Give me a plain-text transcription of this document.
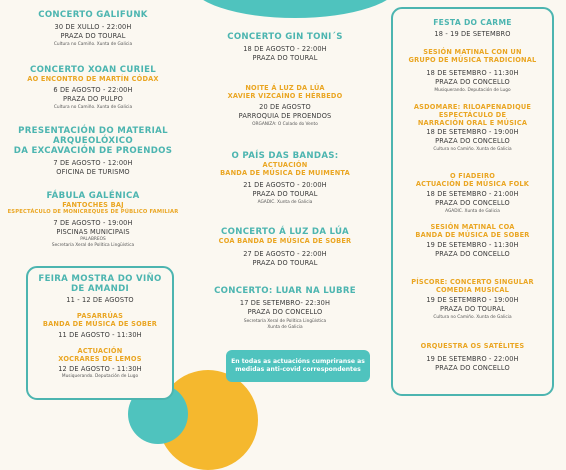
CONCERTO GALIFUNK
30 DE XULLO - 22:00H
PRAZA DO TOURAL
Cultura no Camiño. Xunta de Galicia
CONCERTO XOAN CURIEL
AO ENCONTRO DE MARTÍN CÓDAX
6 DE AGOSTO - 22:00H
PRAZA DO PULPO
Cultura no Camiño. Xunta de Galicia
PRESENTACIÓN DO MATERIAL
ARQUEOLÓXICO
DA EXCAVACIÓN DE PROENDOS
7 DE AGOSTO - 12:00H
OFICINA DE TURISMO
FÁBULA GALÉNICA
FANTOCHES BAJ
ESPECTÁCULO DE MONICREQUES DE PÚBLICO FAMILIAR
7 DE AGOSTO - 19:00H
PISCINAS MUNICIPAIS
PALABREOS
Secretaría Xeral de Política Lingüística
FEIRA MOSTRA DO VIÑO
DE AMANDI
11 - 12 DE AGOSTO
PASARRÚAS
BANDA DE MÚSICA DE SOBER
11 DE AGOSTO - 11:30H
ACTUACIÓN
XOCRARES DE LEMOS
12 DE AGOSTO - 11:30H
Musiquerando. Deputación de Lugo
CONCERTO GIN TONI´S
18 DE AGOSTO - 22:00H
PRAZA DO TOURAL
NOITE Á LUZ DA LÚA
XAVIER VIZCAÍNO E HÉRBEDO
20 DE AGOSTO
PARROQUIA DE PROENDOS
ORGANIZA: O Colado do Vento
O PAÍS DAS BANDAS:
ACTUACIÓN
BANDA DE MÚSICA DE MUIMENTA
21 DE AGOSTO - 20:00H
PRAZA DO TOURAL
AGADIC. Xunta de Galicia
CONCERTO Á LUZ DA LÚA
COA BANDA DE MÚSICA DE SOBER
27 DE AGOSTO - 22:00H
PRAZA DO TOURAL
CONCERTO: LUAR NA LUBRE
17 DE SETEMBRO- 22:30H
PRAZA DO CONCELLO
Secretaría Xeral de Política Lingüística
Xunta de Galicia
En todas as actuacións cumpriranse as medidas anti-covid correspondentes
FESTA DO CARME
18 - 19 DE SETEMBRO
SESIÓN MATINAL CON UN
GRUPO DE MÚSICA TRADICIONAL
18 DE SETEMBRO - 11:30H
PRAZA DO CONCELLO
Musiquerando. Deputación de Lugo
ASDOMARE: RILOAPENADIQUE
ESPECTÁCULO DE
NARRACIÓN ORAL E MÚSICA
18 DE SETEMBRO - 19:00H
PRAZA DO CONCELLO
Cultura no Camiño. Xunta de Galicia
O FIADEIRO
ACTUACIÓN DE MÚSICA FOLK
18 DE SETEMBRO - 21:00H
PRAZA DO CONCELLO
AGADIC. Xunta de Galicia
SESIÓN MATINAL COA
BANDA DE MÚSICA DE SOBER
19 DE SETEMBRO - 11:30H
PRAZA DO CONCELLO
PÍSCORE: CONCERTO SINGULAR
COMEDIA MUSICAL
19 DE SETEMBRO - 19:00H
PRAZA DO TOURAL
Cultura no Camiño. Xunta de Galicia
ORQUESTRA OS SATÉLITES
19 DE SETEMBRO - 22:00H
PRAZA DO CONCELLO
